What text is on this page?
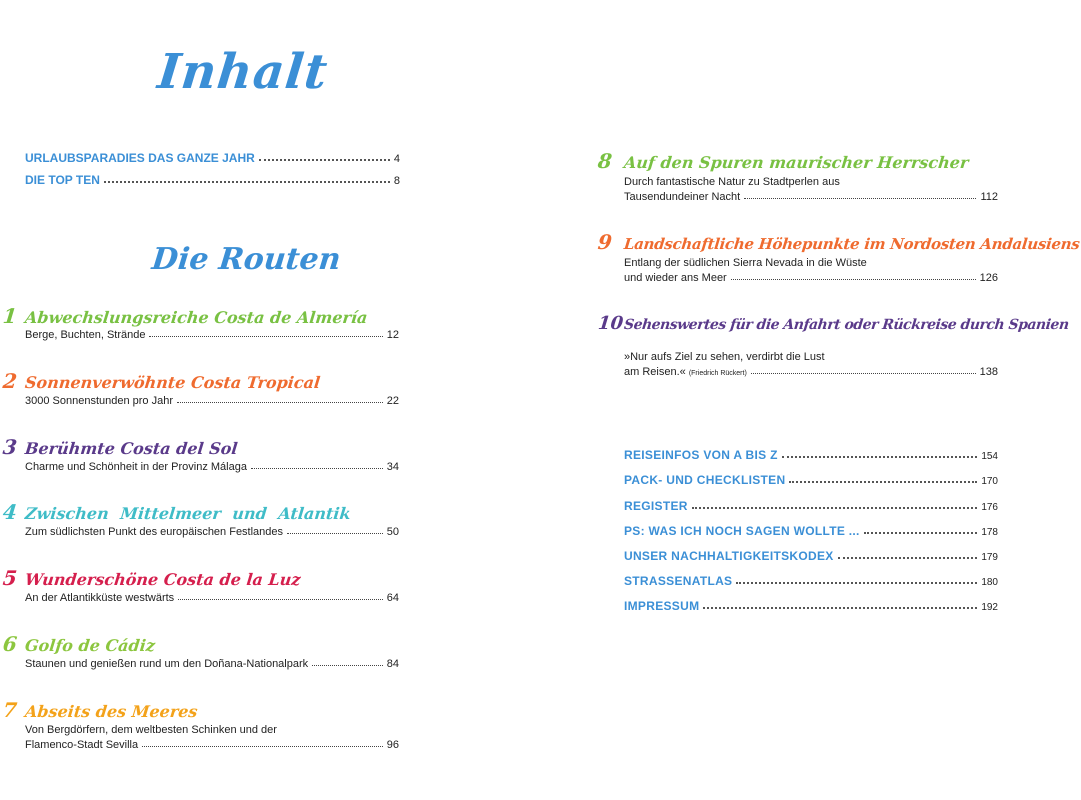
Inhalt
URLAUBSPARADIES DAS GANZE JAHR	4
DIE TOP TEN	8
Die Routen
1 Abwechslungsreiche Costa de Almería
Berge, Buchten, Strände	12
2 Sonnenverwöhnte Costa Tropical
3000 Sonnenstunden pro Jahr	22
3 Berühmte Costa del Sol
Charme und Schönheit in der Provinz Málaga	34
4 Zwischen Mittelmeer und Atlantik
Zum südlichsten Punkt des europäischen Festlandes	50
5 Wunderschöne Costa de la Luz
An der Atlantikküste westwärts	64
6 Golfo de Cádiz
Staunen und genießen rund um den Doñana-Nationalpark	84
7 Abseits des Meeres
Von Bergdörfern, dem weltbesten Schinken und der
Flamenco-Stadt Sevilla	96
8 Auf den Spuren maurischer Herrscher
Durch fantastische Natur zu Stadtperlen aus
Tausendundeiner Nacht	112
9 Landschaftliche Höhepunkte im Nordosten Andalusiens
Entlang der südlichen Sierra Nevada in die Wüste
und wieder ans Meer	126
10
Sehenswertes für die Anfahrt oder Rückreise durch Spanien
»Nur aufs Ziel zu sehen, verdirbt die Lust
am Reisen.« (Friedrich Rückert)	138
REISEINFOS VON A BIS Z	154
PACK- UND CHECKLISTEN	170
REGISTER	176
PS: WAS ICH NOCH SAGEN WOLLTE ...	178
UNSER NACHHALTIGKEITSKODEX	179
STRASSENATLAS	180
IMPRESSUM	192
